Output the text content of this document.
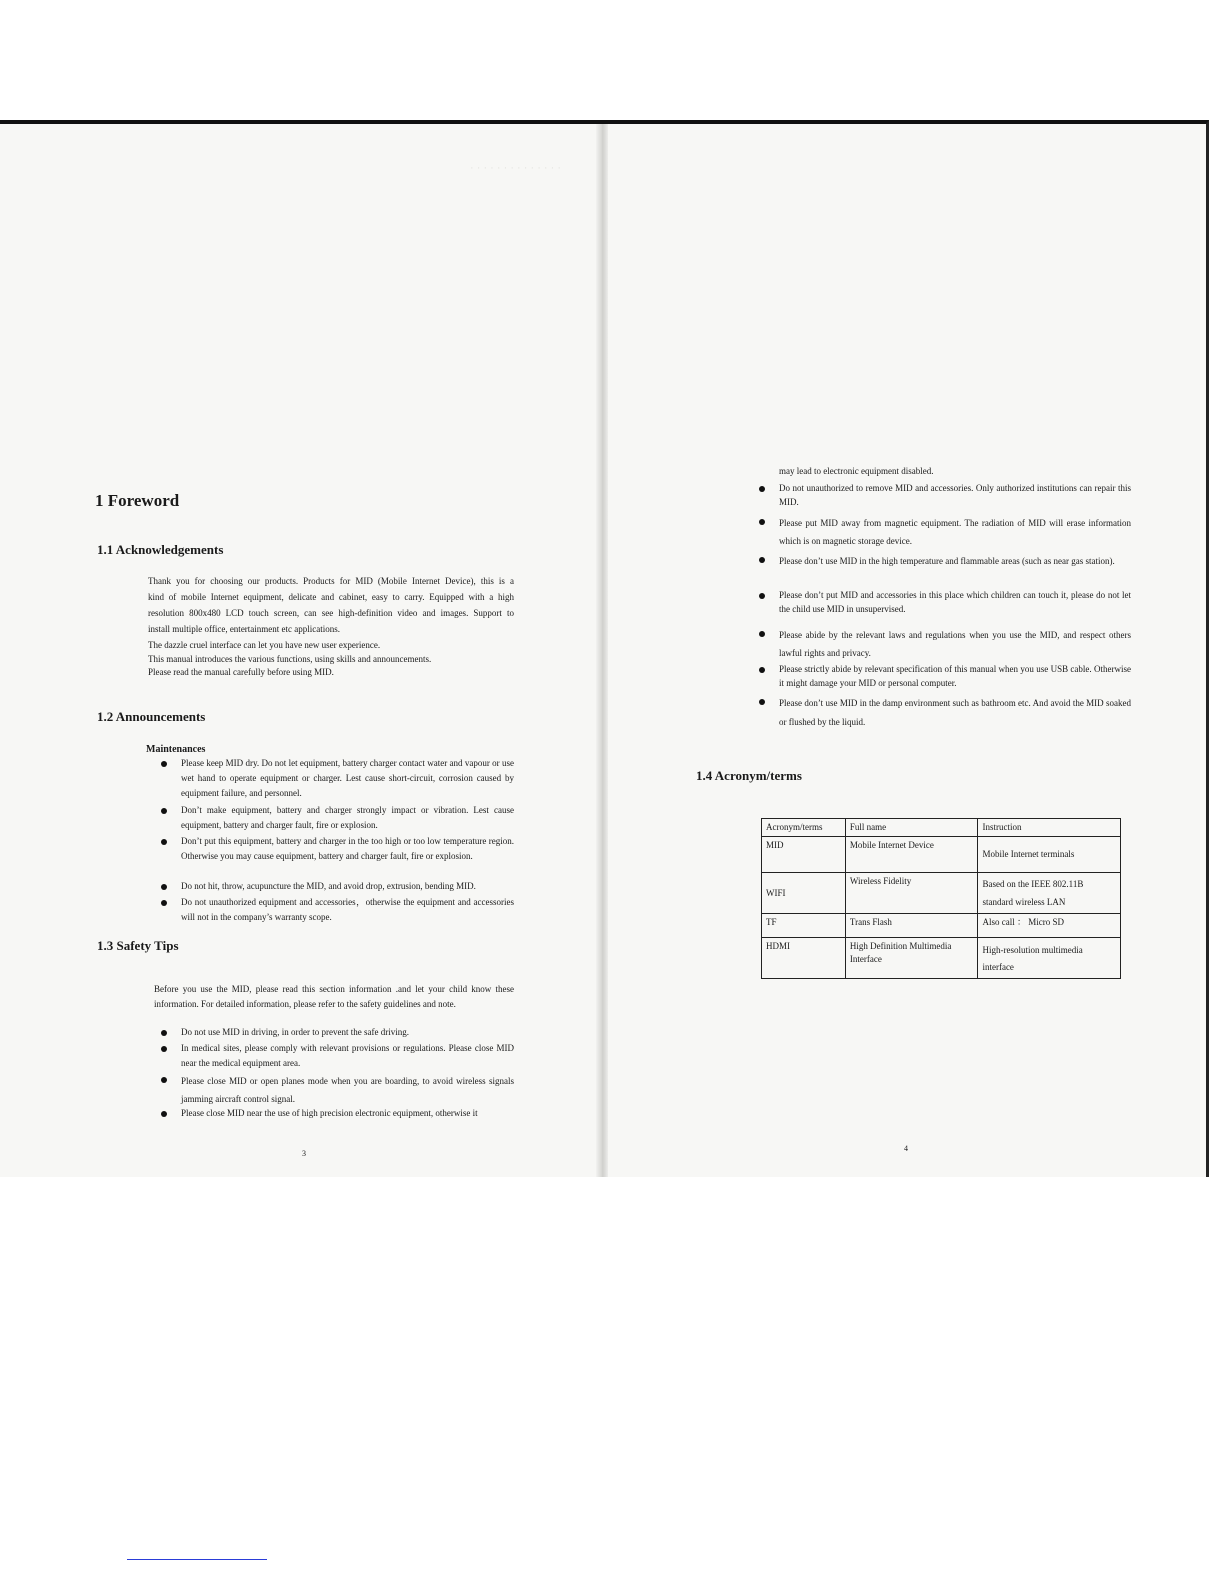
· · · · · · · · · · · · · ·
1 Foreword
1.1 Acknowledgements

Thank you for choosing our products. Products for MID (Mobile Internet Device), this is a

kind of mobile Internet equipment, delicate and cabinet, easy to carry. Equipped with a high

resolution 800x480 LCD touch screen, can see high-definition video and images. Support to

install multiple office, entertainment etc applications.

The dazzle cruel interface can let you have new user experience.

This manual introduces the various functions, using skills and announcements.

Please read the manual carefully before using MID.

1.2 Announcements
Maintenances

Please keep MID dry. Do not let equipment, battery charger contact water and vapour or use wet hand to operate equipment or charger. Lest cause short-circuit, corrosion caused by equipment failure, and personnel.

Don’t make equipment, battery and charger strongly impact or vibration. Lest cause equipment, battery and charger fault, fire or explosion.

Don’t put this equipment, battery and charger in the too high or too low temperature region. Otherwise you may cause equipment, battery and charger fault, fire or explosion.

Do not hit, throw, acupuncture the MID, and avoid drop, extrusion, bending MID.

Do not unauthorized equipment and accessories，otherwise the equipment and accessories will not in the company’s warranty scope.

1.3 Safety Tips

Before you use the MID, please read this section information .and let your child know these information. For detailed information, please refer to the safety guidelines and note.

Do not use MID in driving, in order to prevent the safe driving.

In medical sites, please comply with relevant provisions or regulations. Please close MID near the medical equipment area.

Please close MID or open planes mode when you are boarding, to avoid wireless signals jamming aircraft control signal.

Please close MID near the use of high precision electronic equipment, otherwise it

3

may lead to electronic equipment disabled.

Do not unauthorized to remove MID and accessories. Only authorized institutions can repair this MID.

Please put MID away from magnetic equipment. The radiation of MID will erase information which is on magnetic storage device.

Please don’t use MID in the high temperature and flammable areas (such as near gas station).

Please don’t put MID and accessories in this place which children can touch it, please do not let the child use MID in unsupervised.

Please abide by the relevant laws and regulations when you use the MID, and respect others lawful rights and privacy.

Please strictly abide by relevant specification of this manual when you use USB cable. Otherwise it might damage your MID or personal computer.

Please don’t use MID in the damp environment such as bathroom etc. And avoid the MID soaked or flushed by the liquid.

1.4 Acronym/terms
Acronym/terms	Full name	Instruction
MID	Mobile Internet Device	Mobile Internet terminals
WIFI	Wireless Fidelity	Based on the IEEE 802.11B standard wireless LAN
TF	Trans Flash	Also call ： Micro SD
HDMI	High Definition Multimedia Interface	High-resolution multimedia interface
4
